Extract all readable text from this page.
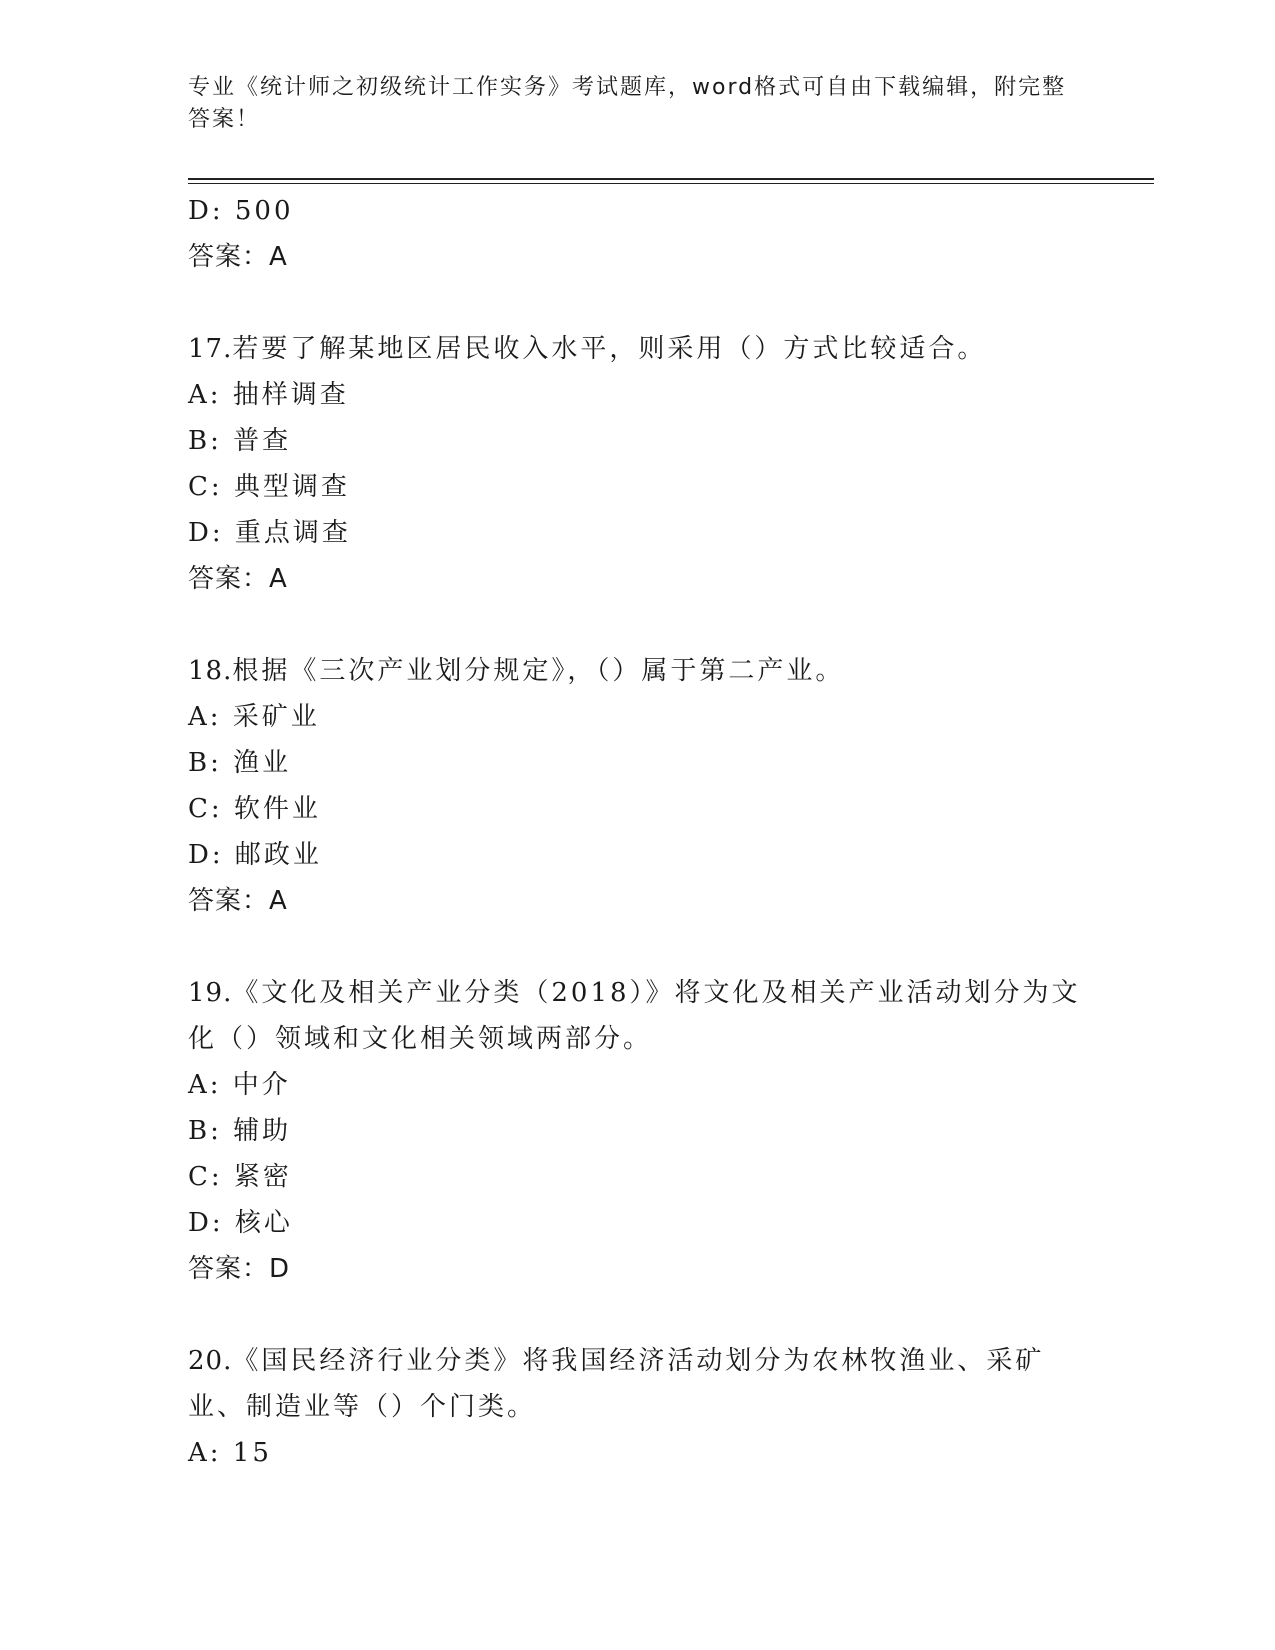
专业《统计师之初级统计工作实务》考试题库，word格式可自由下载编辑，附完整答案！
D: 500
答案：A
17.若要了解某地区居民收入水平，则采用（）方式比较适合。
A: 抽样调查
B: 普查
C: 典型调查
D: 重点调查
答案：A
18.根据《三次产业划分规定》，（）属于第二产业。
A: 采矿业
B: 渔业
C: 软件业
D: 邮政业
答案：A
19.《文化及相关产业分类（2018）》将文化及相关产业活动划分为文化（）领域和文化相关领域两部分。
A: 中介
B: 辅助
C: 紧密
D: 核心
答案：D
20.《国民经济行业分类》将我国经济活动划分为农林牧渔业、采矿业、制造业等（）个门类。
A: 15
